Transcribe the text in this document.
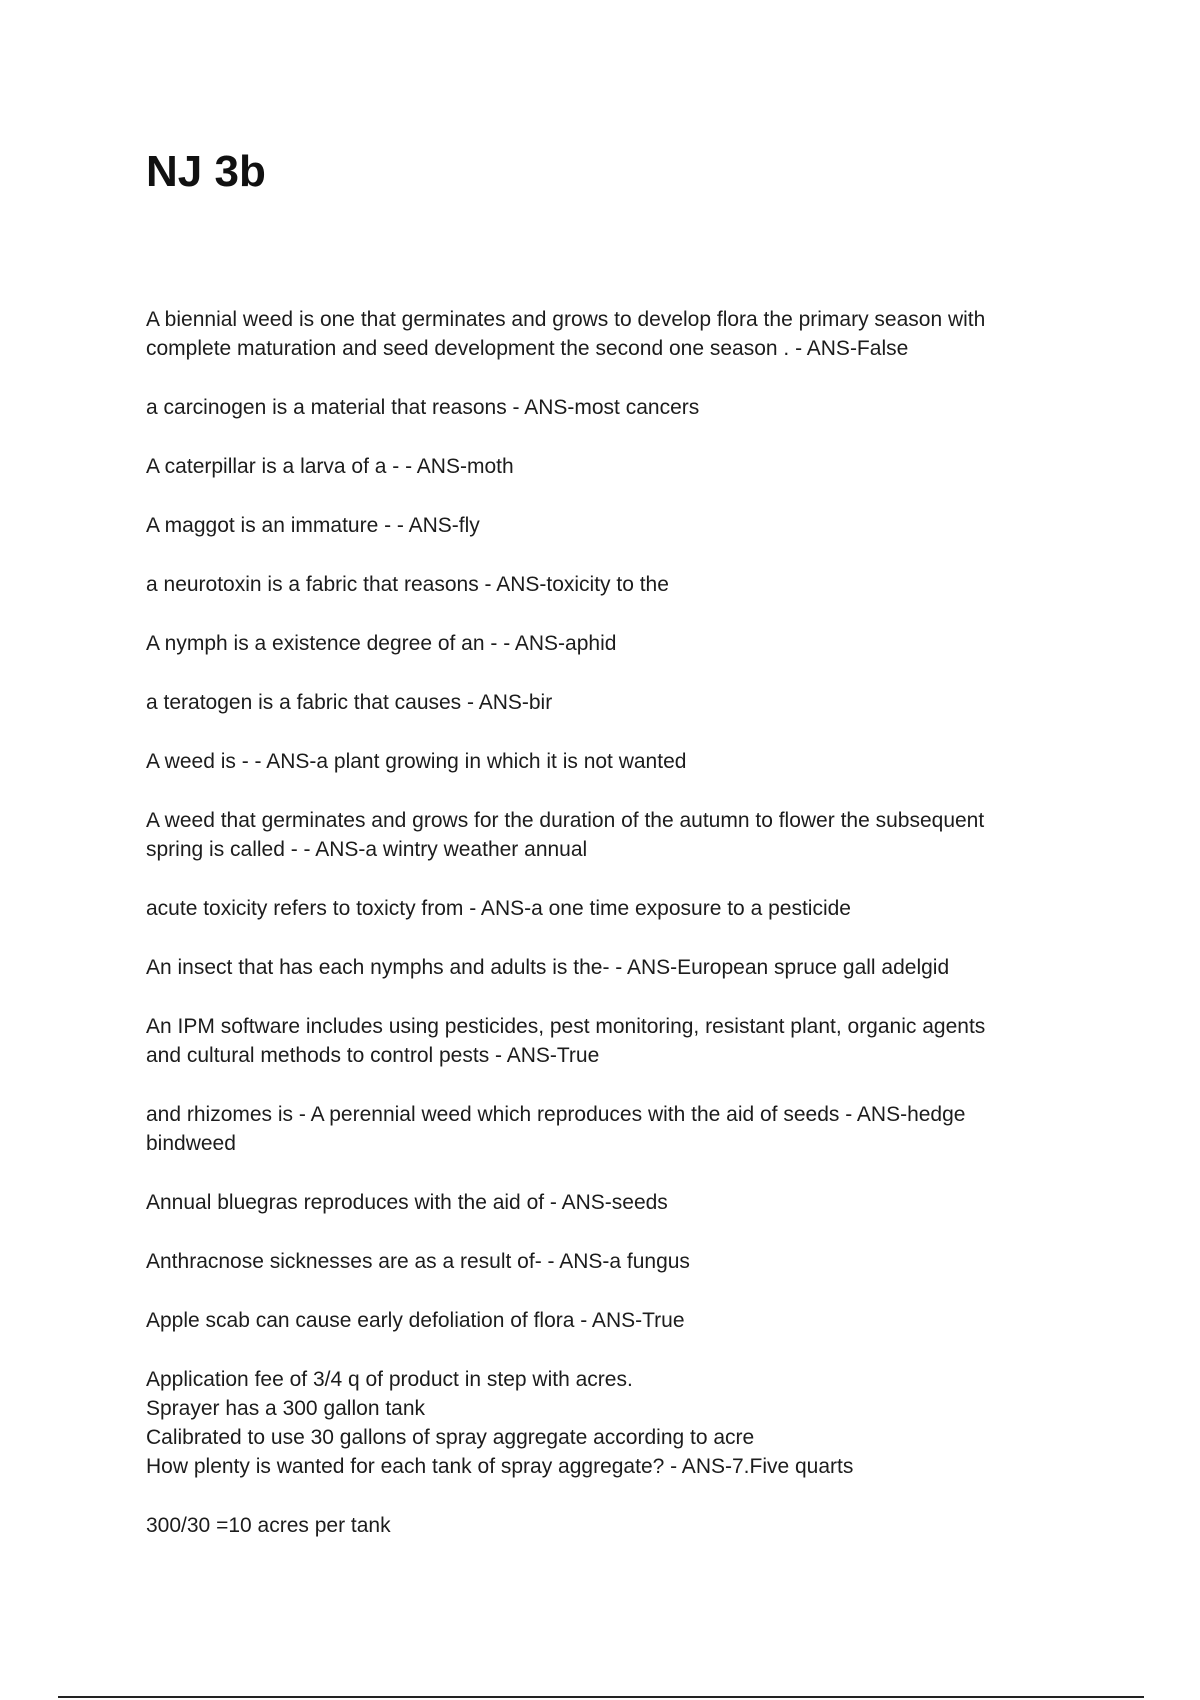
NJ 3b
A biennial weed is one that germinates and grows to develop flora the primary season with
complete maturation and seed development the second one season . - ANS-False
a carcinogen is a material that reasons - ANS-most cancers
A caterpillar is a larva of a - - ANS-moth
A maggot is an immature - - ANS-fly
a neurotoxin is a fabric that reasons - ANS-toxicity to the
A nymph is a existence degree of an - - ANS-aphid
a teratogen is a fabric that causes - ANS-bir
A weed is - - ANS-a plant growing in which it is not wanted
A weed that germinates and grows for the duration of the autumn to flower the subsequent
spring is called - - ANS-a wintry weather annual
acute toxicity refers to toxicty from - ANS-a one time exposure to a pesticide
An insect that has each nymphs and adults is the- - ANS-European spruce gall adelgid
An IPM software includes using pesticides, pest monitoring, resistant plant, organic agents
and cultural methods to control pests - ANS-True
and rhizomes is - A perennial weed which reproduces with the aid of seeds - ANS-hedge
bindweed
Annual bluegras reproduces with the aid of - ANS-seeds
Anthracnose sicknesses are as a result of- - ANS-a fungus
Apple scab can cause early defoliation of flora - ANS-True
Application fee of 3/4 q of product in step with acres.
Sprayer has a 300 gallon tank
Calibrated to use 30 gallons of spray aggregate according to acre
How plenty is wanted for each tank of spray aggregate? - ANS-7.Five quarts
300/30 =10 acres per tank
